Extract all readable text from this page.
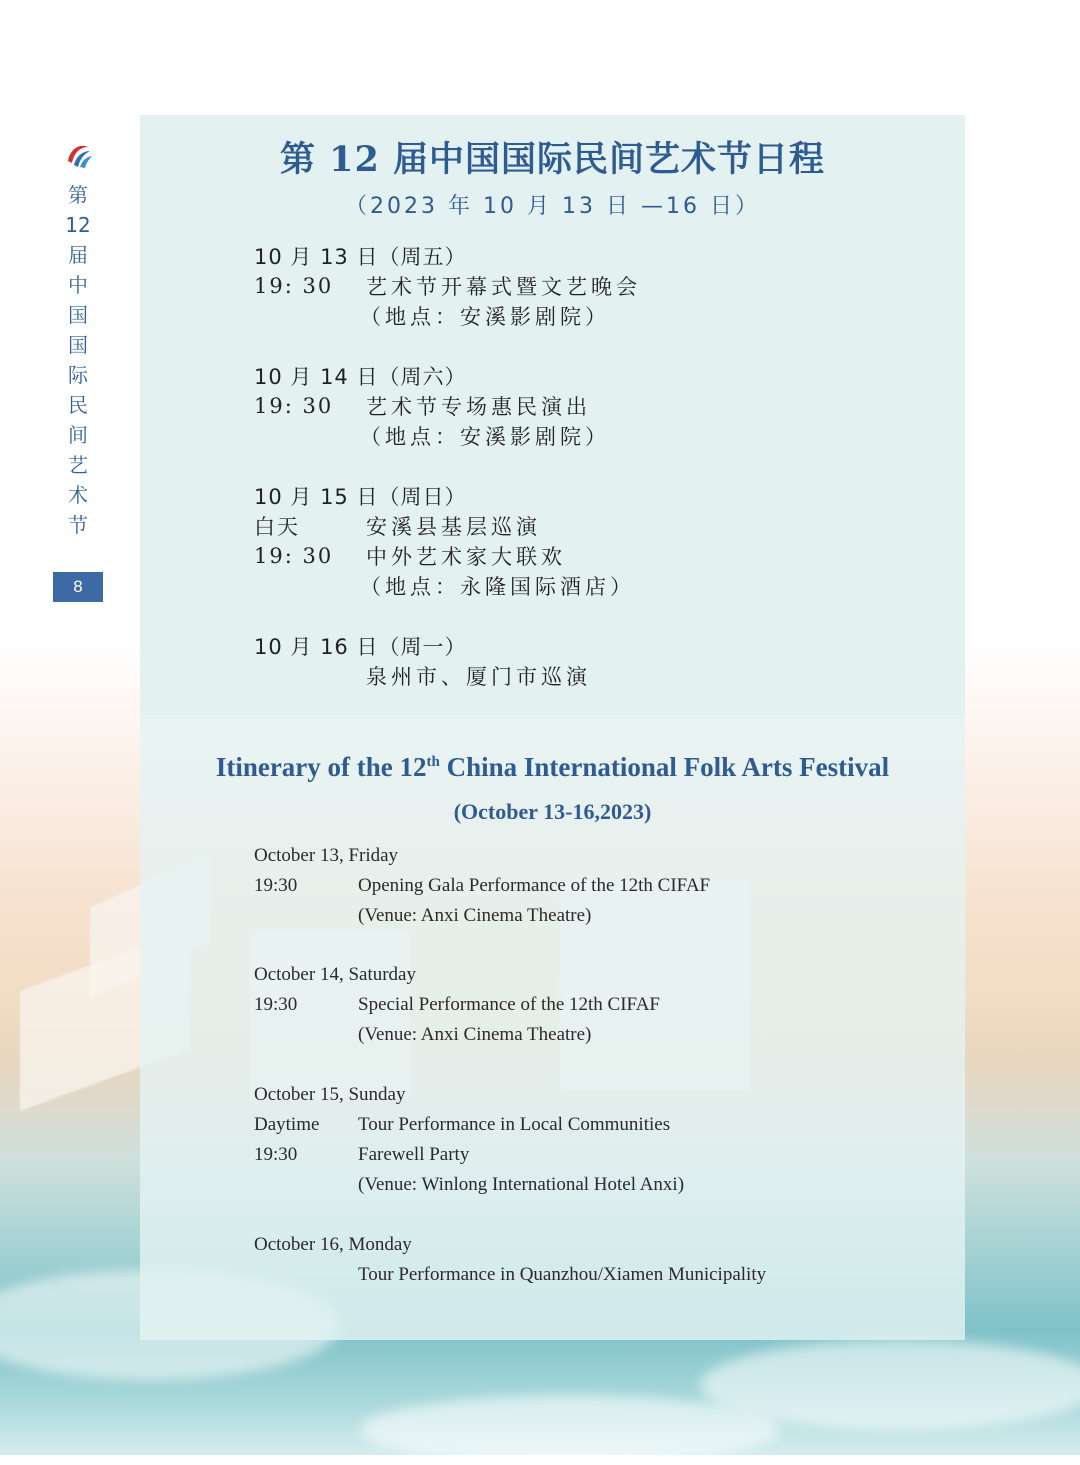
第
12
届
中
国
国
际
民
间
艺
术
节
8
第 12 届中国国际民间艺术节日程
（2023 年 10 月 13 日 —16 日）
10 月 13 日（周五）
19: 30	艺术节开幕式暨文艺晚会
（地点：安溪影剧院）
10 月 14 日（周六）
19: 30	艺术节专场惠民演出
（地点：安溪影剧院）
10 月 15 日（周日）
白天	安溪县基层巡演
19: 30	中外艺术家大联欢
（地点：永隆国际酒店）
10 月 16 日（周一）
泉州市、厦门市巡演
Itinerary of the 12th China International Folk Arts Festival
(October 13-16,2023)
October 13, Friday
19:30	Opening Gala Performance of the 12th CIFAF
(Venue: Anxi Cinema Theatre)
October 14, Saturday
19:30	Special Performance of the 12th CIFAF
(Venue: Anxi Cinema Theatre)
October 15, Sunday
Daytime	Tour Performance in Local Communities
19:30	Farewell Party
(Venue: Winlong International Hotel Anxi)
October 16, Monday
Tour Performance in Quanzhou/Xiamen Municipality
